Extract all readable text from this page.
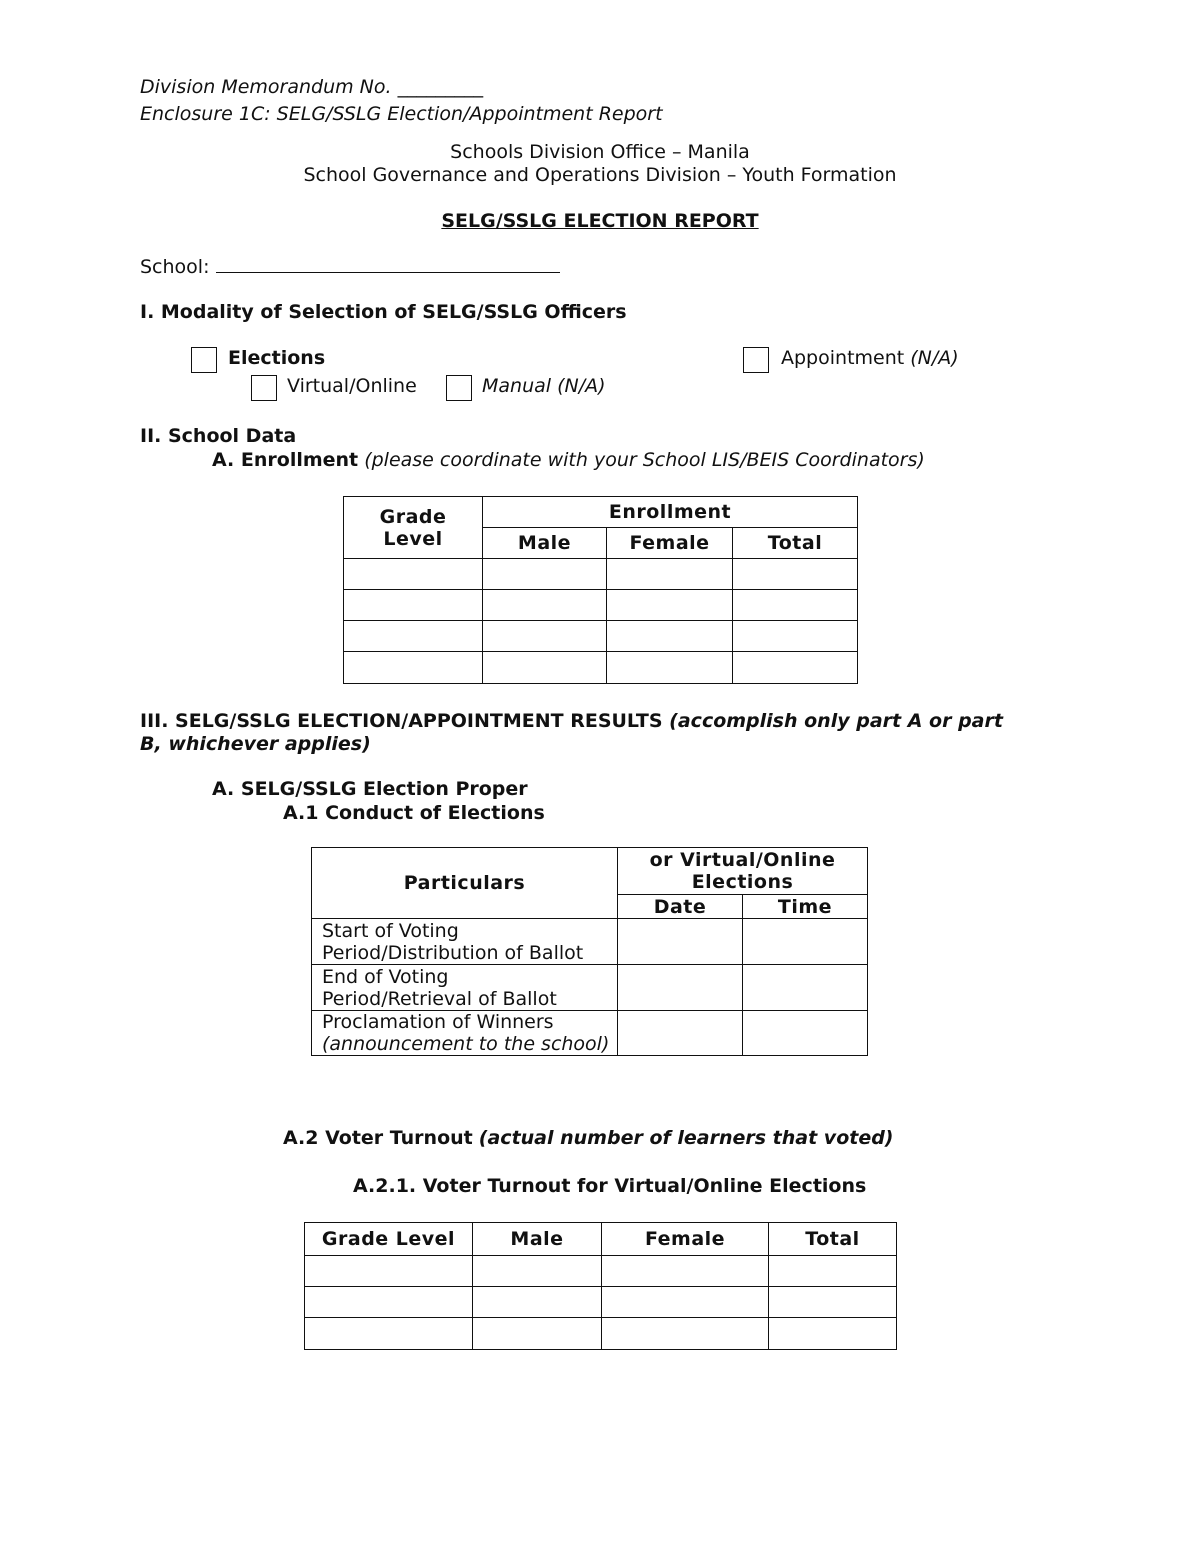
Division Memorandum No. _________
Enclosure 1C: SELG/SSLG Election/Appointment Report
Schools Division Office – Manila
School Governance and Operations Division – Youth Formation
SELG/SSLG ELECTION REPORT
School:
I. Modality of Selection of SELG/SSLG Officers
Elections	Appointment (N/A)
Virtual/Online	Manual (N/A)
II. School Data
A. Enrollment (please coordinate with your School LIS/BEIS Coordinators)
Grade Level	Enrollment		
	Male	Female	Total

III. SELG/SSLG ELECTION/APPOINTMENT RESULTS (accomplish only part A or part
B, whichever applies)
A. SELG/SSLG Election Proper
A.1 Conduct of Elections
Particulars	or Virtual/Online Elections	
	Date	Time

Start of Voting
Period/Distribution of Ballot		

End of Voting
Period/Retrieval of Ballot		

Proclamation of Winners
(announcement to the school)		

A.2 Voter Turnout (actual number of learners that voted)
A.2.1. Voter Turnout for Virtual/Online Elections
Grade Level	Male	Female	Total
